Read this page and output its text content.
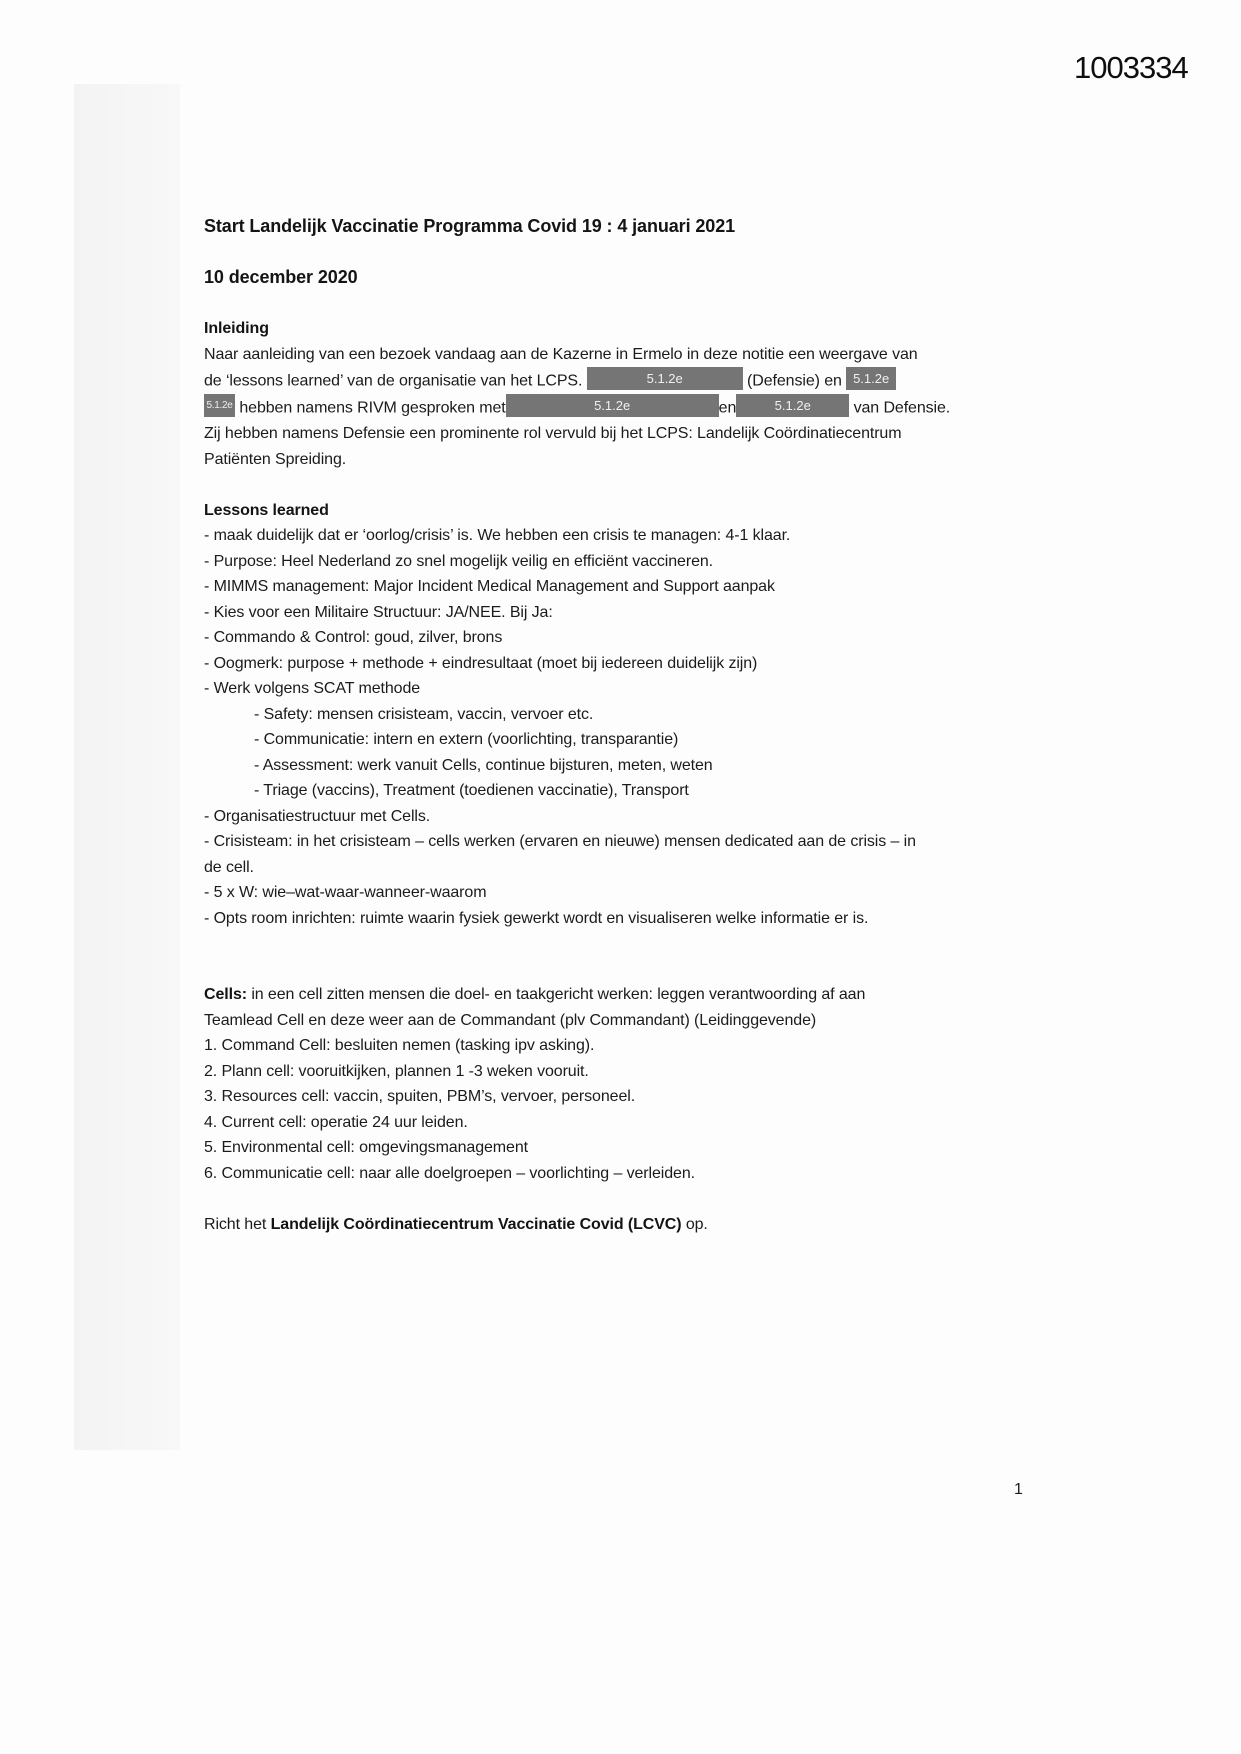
1003334
Start Landelijk Vaccinatie Programma Covid 19 : 4 januari 2021
10 december 2020
Inleiding
Naar aanleiding van een bezoek vandaag aan de Kazerne in Ermelo in deze notitie een weergave van
de ‘lessons learned’ van de organisatie van het LCPS.	5.1.2e	(Defensie) en 5.1.2e
5.1.2e hebben namens RIVM gesproken met	5.1.2e	en	5.1.2e van Defensie.
Zij hebben namens Defensie een prominente rol vervuld bij het LCPS: Landelijk Coördinatiecentrum
Patiënten Spreiding.
Lessons learned
- maak duidelijk dat er ‘oorlog/crisis’ is. We hebben een crisis te managen: 4-1 klaar.
- Purpose: Heel Nederland zo snel mogelijk veilig en efficiënt vaccineren.
- MIMMS management: Major Incident Medical Management and Support aanpak
- Kies voor een Militaire Structuur: JA/NEE. Bij Ja:
- Commando & Control: goud, zilver, brons
- Oogmerk: purpose + methode + eindresultaat (moet bij iedereen duidelijk zijn)
- Werk volgens SCAT methode
- Safety: mensen crisisteam, vaccin, vervoer etc.
- Communicatie: intern en extern (voorlichting, transparantie)
- Assessment: werk vanuit Cells, continue bijsturen, meten, weten
- Triage (vaccins), Treatment (toedienen vaccinatie), Transport
- Organisatiestructuur met Cells.
- Crisisteam: in het crisisteam – cells werken (ervaren en nieuwe) mensen dedicated aan de crisis – in
de cell.
- 5 x W: wie–wat-waar-wanneer-waarom
- Opts room inrichten: ruimte waarin fysiek gewerkt wordt en visualiseren welke informatie er is.
Cells: in een cell zitten mensen die doel- en taakgericht werken: leggen verantwoording af aan
Teamlead Cell en deze weer aan de Commandant (plv Commandant) (Leidinggevende)
1. Command Cell: besluiten nemen (tasking ipv asking).
2. Plann cell: vooruitkijken, plannen 1 -3 weken vooruit.
3. Resources cell: vaccin, spuiten, PBM’s, vervoer, personeel.
4. Current cell: operatie 24 uur leiden.
5. Environmental cell: omgevingsmanagement
6. Communicatie cell: naar alle doelgroepen – voorlichting – verleiden.
Richt het Landelijk Coördinatiecentrum Vaccinatie Covid (LCVC) op.
1
